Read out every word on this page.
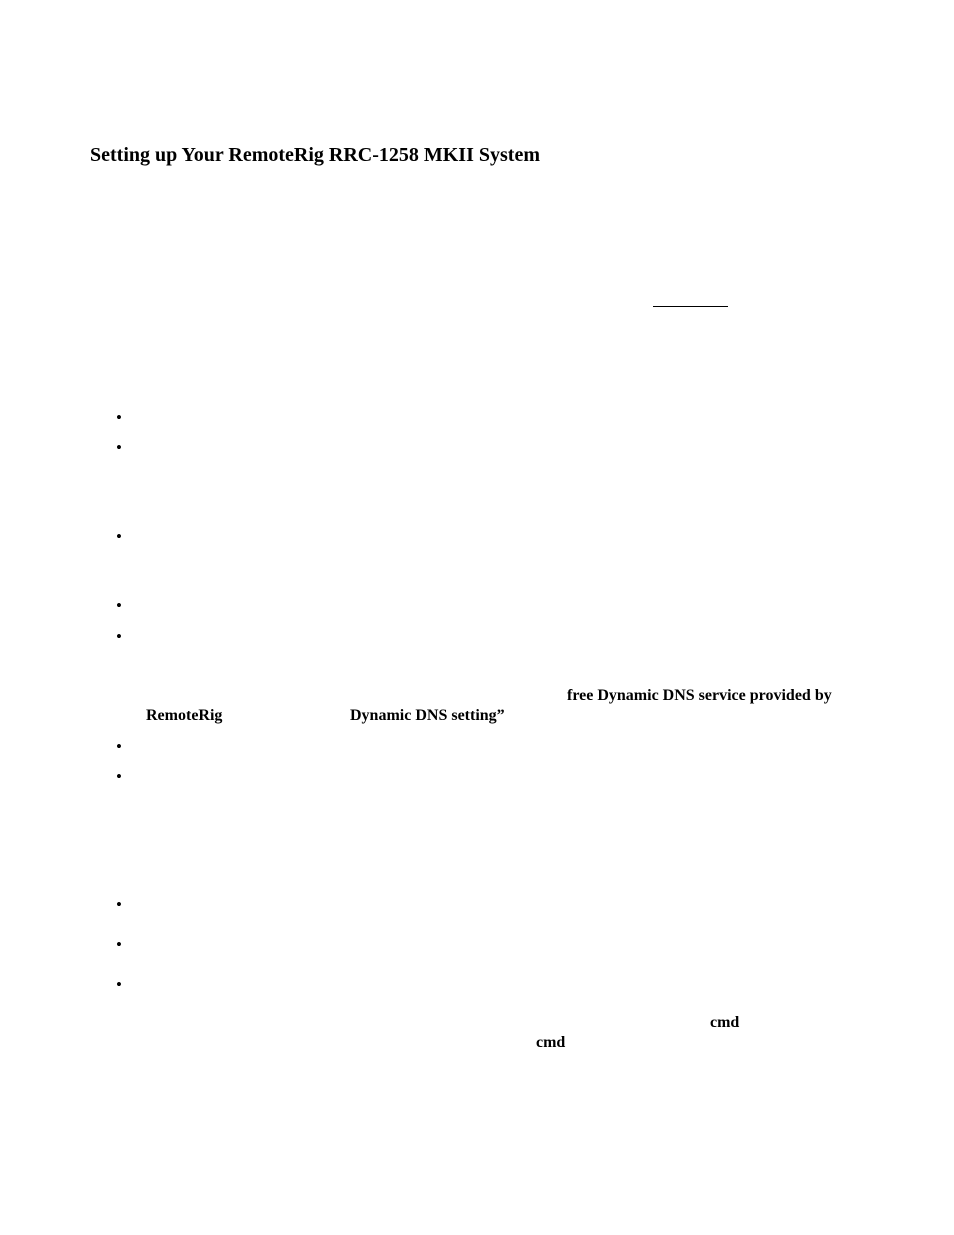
Setting up Your RemoteRig RRC-1258 MKII System
•
•
•
•
•
•
•
•
•
•
free Dynamic DNS service provided by
RemoteRig	Dynamic DNS setting”
cmd
cmd
